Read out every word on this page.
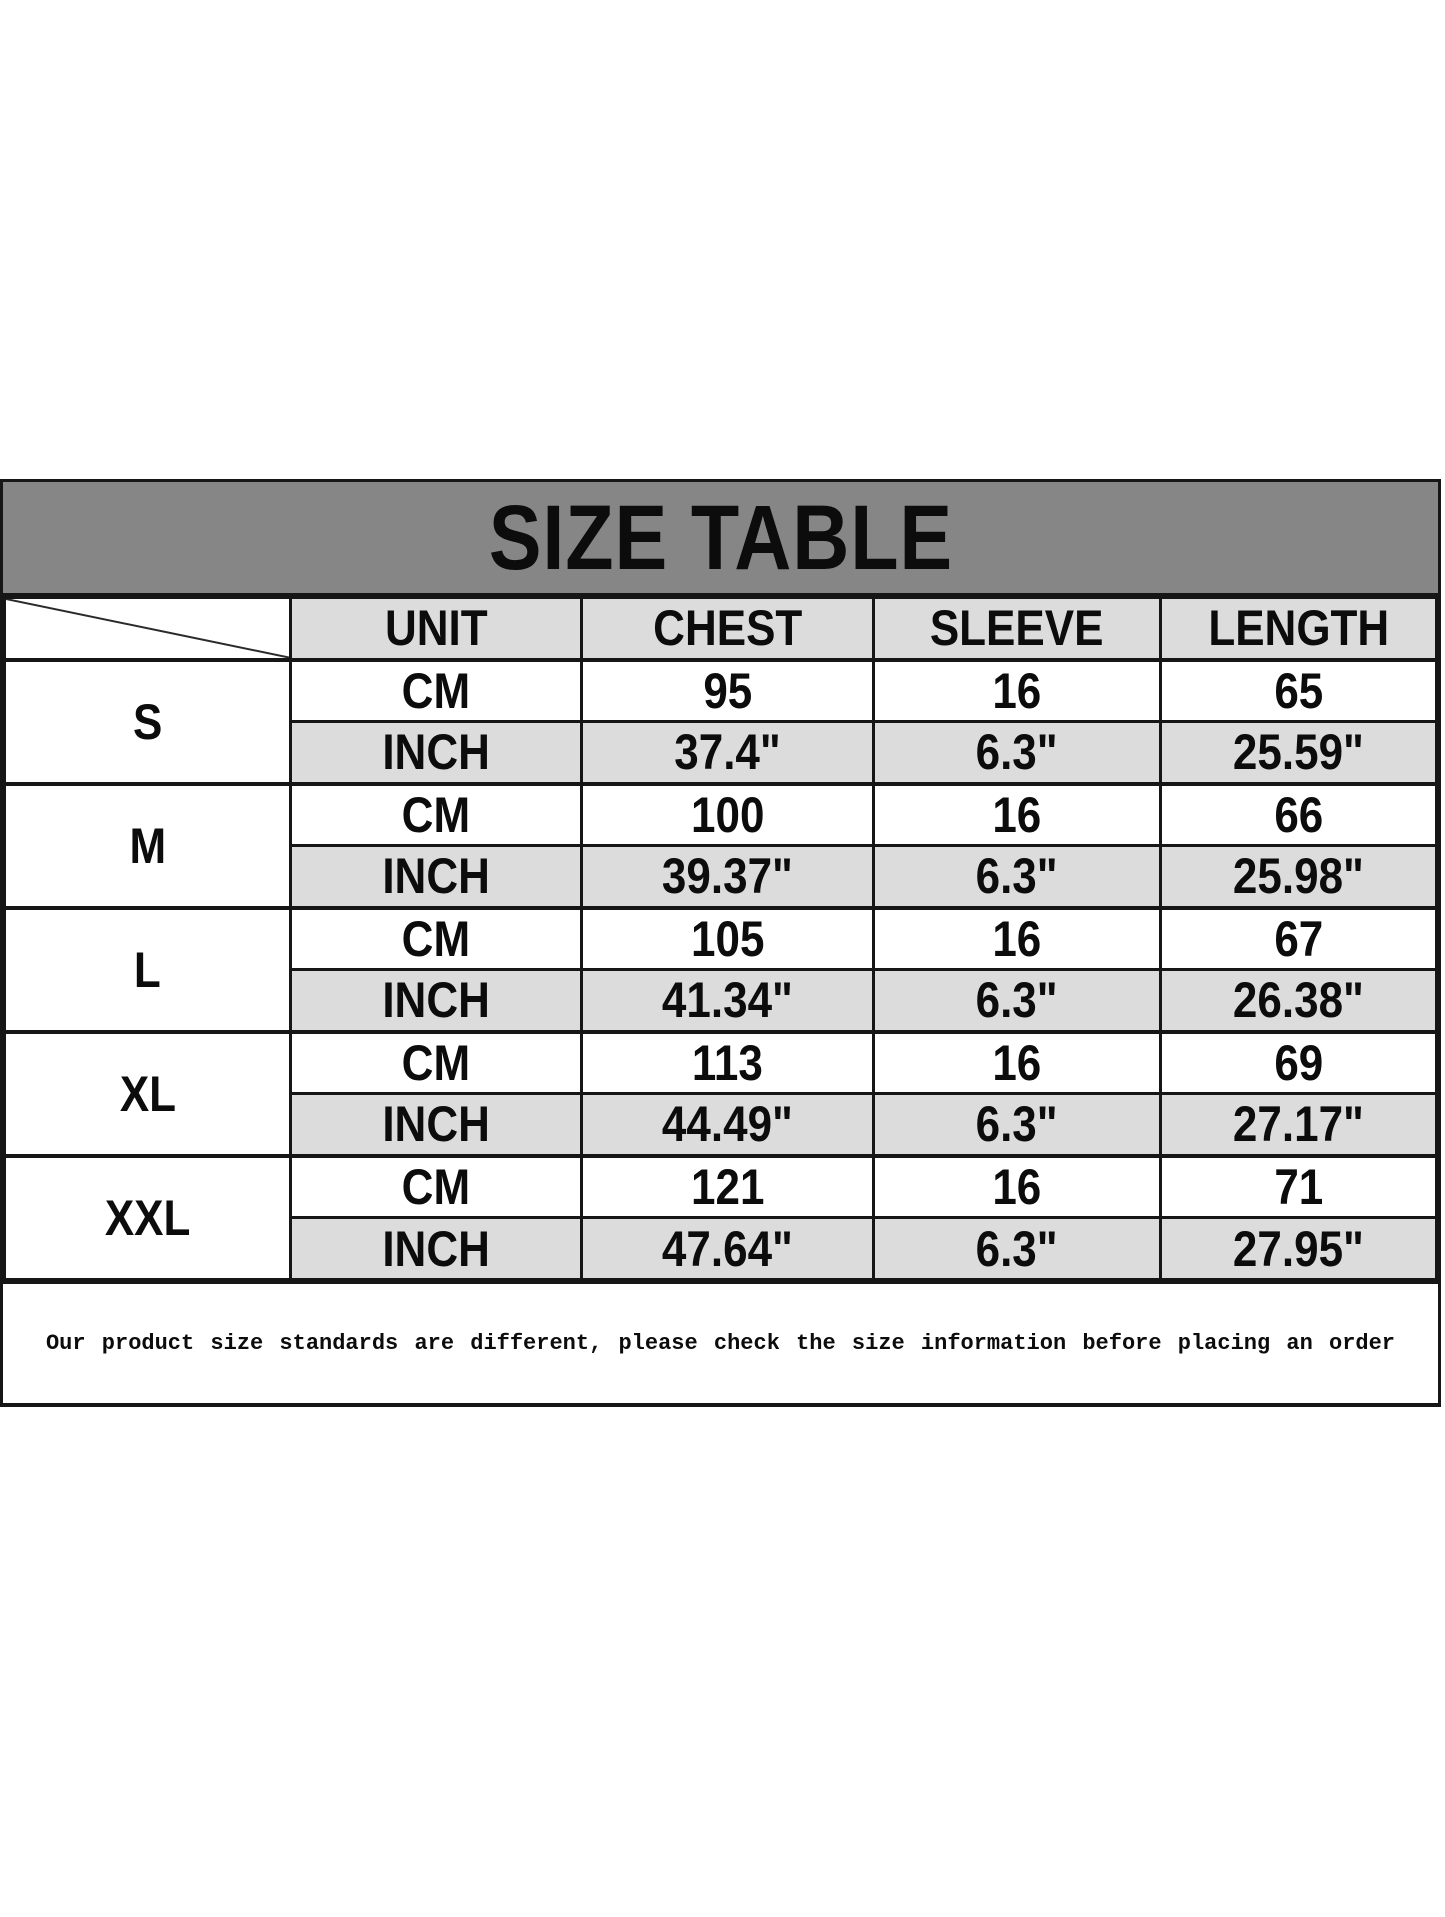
SIZE TABLE
	UNIT	CHEST	SLEEVE	LENGTH
S	CM	95	16	65
	INCH	37.4"	6.3"	25.59"
M	CM	100	16	66
	INCH	39.37"	6.3"	25.98"
L	CM	105	16	67
	INCH	41.34"	6.3"	26.38"
XL	CM	113	16	69
	INCH	44.49"	6.3"	27.17"
XXL	CM	121	16	71
	INCH	47.64"	6.3"	27.95"
Our product size standards are different, please check the size information before placing an order
